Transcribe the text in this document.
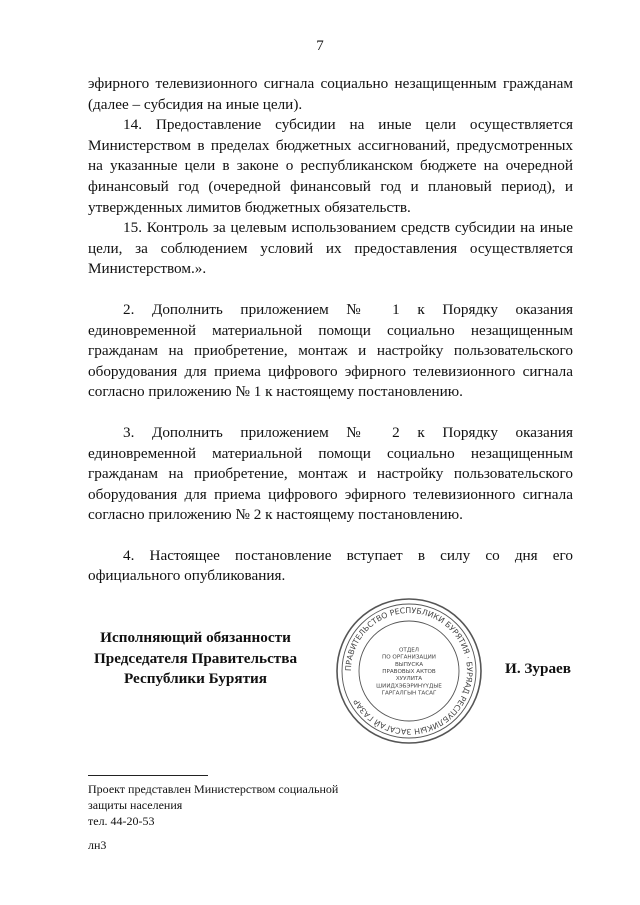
7

эфирного телевизионного сигнала социально незащищенным гражданам (далее – субсидия на иные цели).

14. Предоставление субсидии на иные цели осуществляется Министерством в пределах бюджетных ассигнований, предусмотренных на указанные цели в законе о республиканском бюджете на очередной финансовый год (очередной финансовый год и плановый период), и утвержденных лимитов бюджетных обязательств.

15. Контроль за целевым использованием средств субсидии на иные цели, за соблюдением условий их предоставления осуществляется Министерством.».

2. Дополнить приложением № 1 к Порядку оказания единовременной материальной помощи социально незащищенным гражданам на приобретение, монтаж и настройку пользовательского оборудования для приема цифрового эфирного телевизионного сигнала согласно приложению № 1 к настоящему постановлению.

3. Дополнить приложением № 2 к Порядку оказания единовременной материальной помощи социально незащищенным гражданам на приобретение, монтаж и настройку пользовательского оборудования для приема цифрового эфирного телевизионного сигнала согласно приложению № 2 к настоящему постановлению.

4. Настоящее постановление вступает в силу со дня его официального опубликования.

Исполняющий обязанности
Председателя Правительства
Республики Бурятия
ПРАВИТЕЛЬСТВО РЕСПУБЛИКИ БУРЯТИЯ · БУРЯАД РЕСПУБЛИКЫН ЗАСАГАЙ ГАЗАР
ОТДЕЛ
ПО ОРГАНИЗАЦИИ
ВЫПУСКА
ПРАВОВЫХ АКТОВ
ХУУЛИТА
ШИИДХЭБЭРИНҮҮДЫЕ
ГАРГАЛГЫН ТАСАГ
И. Зураев
Проект представлен Министерством социальной
защиты населения
тел. 44-20-53
лн3
